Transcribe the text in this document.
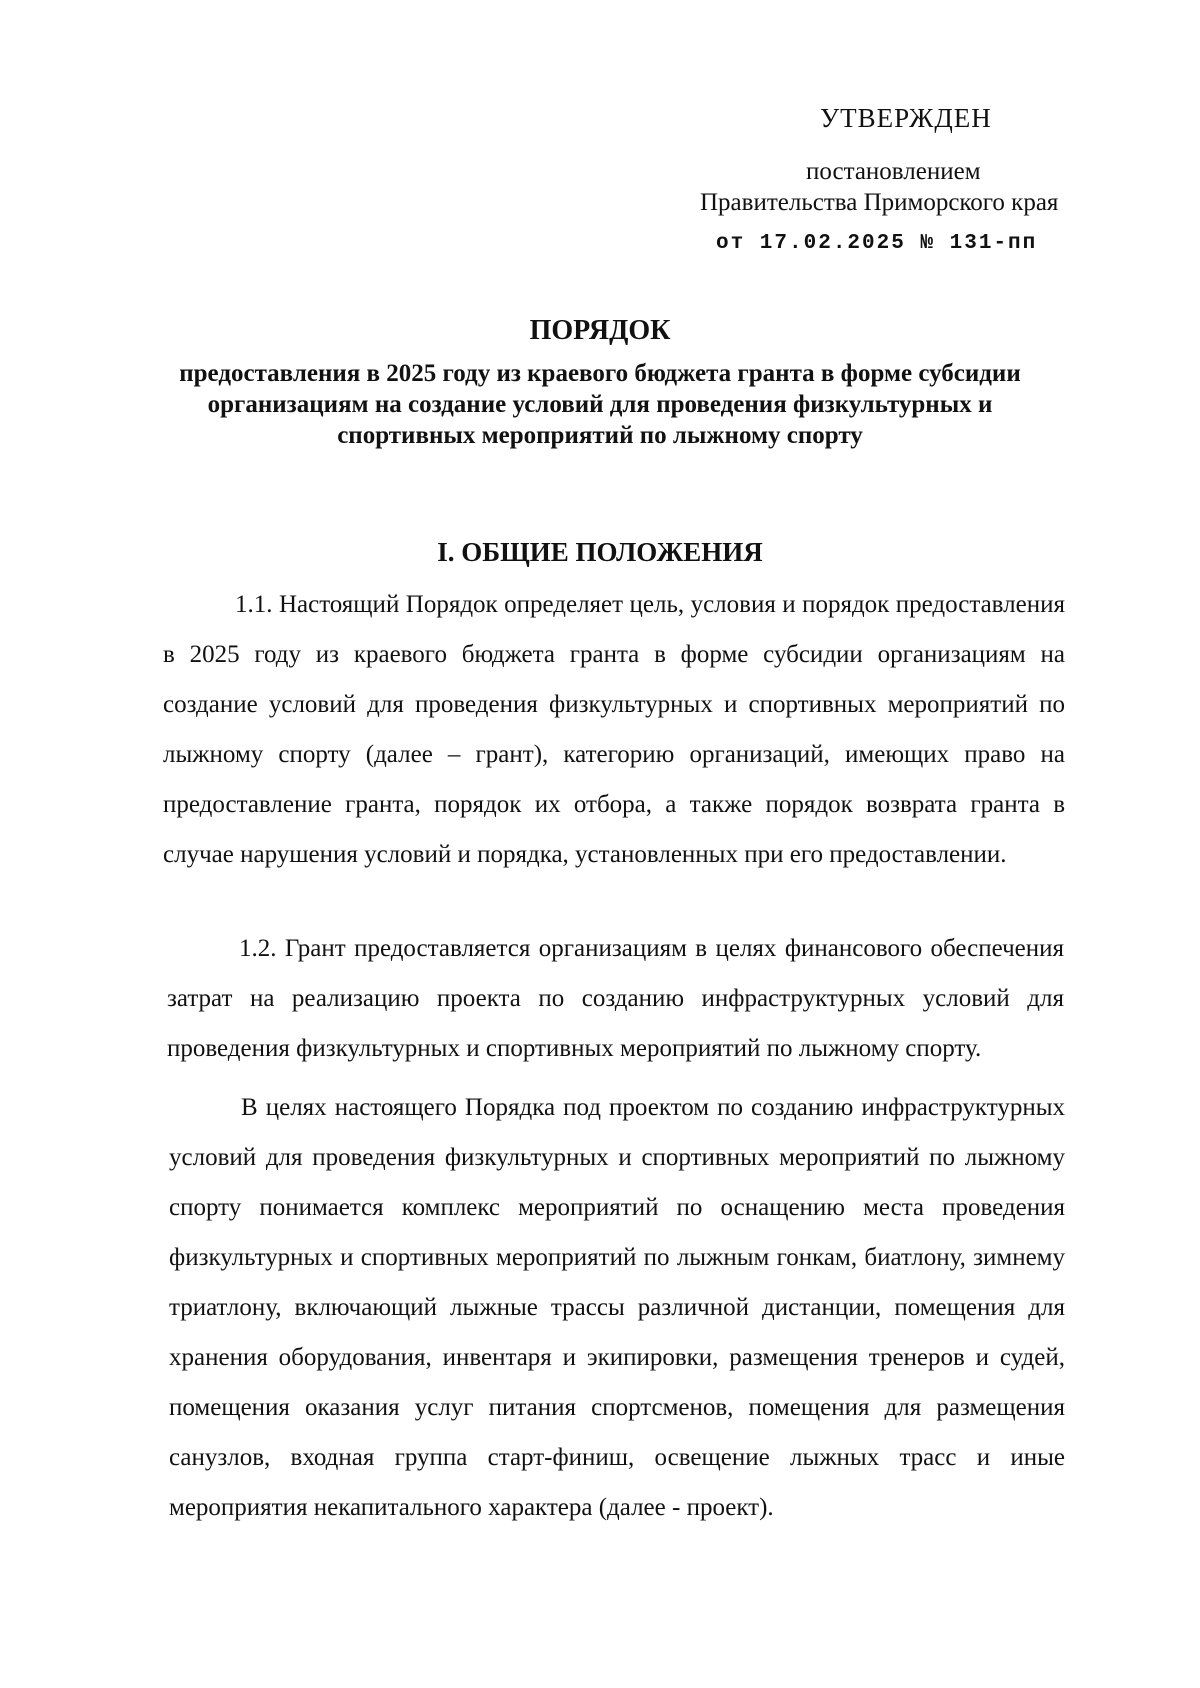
УТВЕРЖДЕН
постановлением
Правительства Приморского края
от 17.02.2025 № 131-пп
ПОРЯДОК
предоставления в 2025 году из краевого бюджета гранта в форме субсидии организациям на создание условий для проведения физкультурных и спортивных мероприятий по лыжному спорту
I. ОБЩИЕ ПОЛОЖЕНИЯ
1.1. Настоящий Порядок определяет цель, условия и порядок предоставления в 2025 году из краевого бюджета гранта в форме субсидии организациям на создание условий для проведения физкультурных и спортивных мероприятий по лыжному спорту (далее – грант), категорию организаций, имеющих право на предоставление гранта, порядок их отбора, а также порядок возврата гранта в случае нарушения условий и порядка, установленных при его предоставлении.
1.2. Грант предоставляется организациям в целях финансового обеспечения затрат на реализацию проекта по созданию инфраструктурных условий для проведения физкультурных и спортивных мероприятий по лыжному спорту.
В целях настоящего Порядка под проектом по созданию инфраструктурных условий для проведения физкультурных и спортивных мероприятий по лыжному спорту понимается комплекс мероприятий по оснащению места проведения физкультурных и спортивных мероприятий по лыжным гонкам, биатлону, зимнему триатлону, включающий лыжные трассы различной дистанции, помещения для хранения оборудования, инвентаря и экипировки, размещения тренеров и судей, помещения оказания услуг питания спортсменов, помещения для размещения санузлов, входная группа старт-финиш, освещение лыжных трасс и иные мероприятия некапитального характера (далее - проект).
